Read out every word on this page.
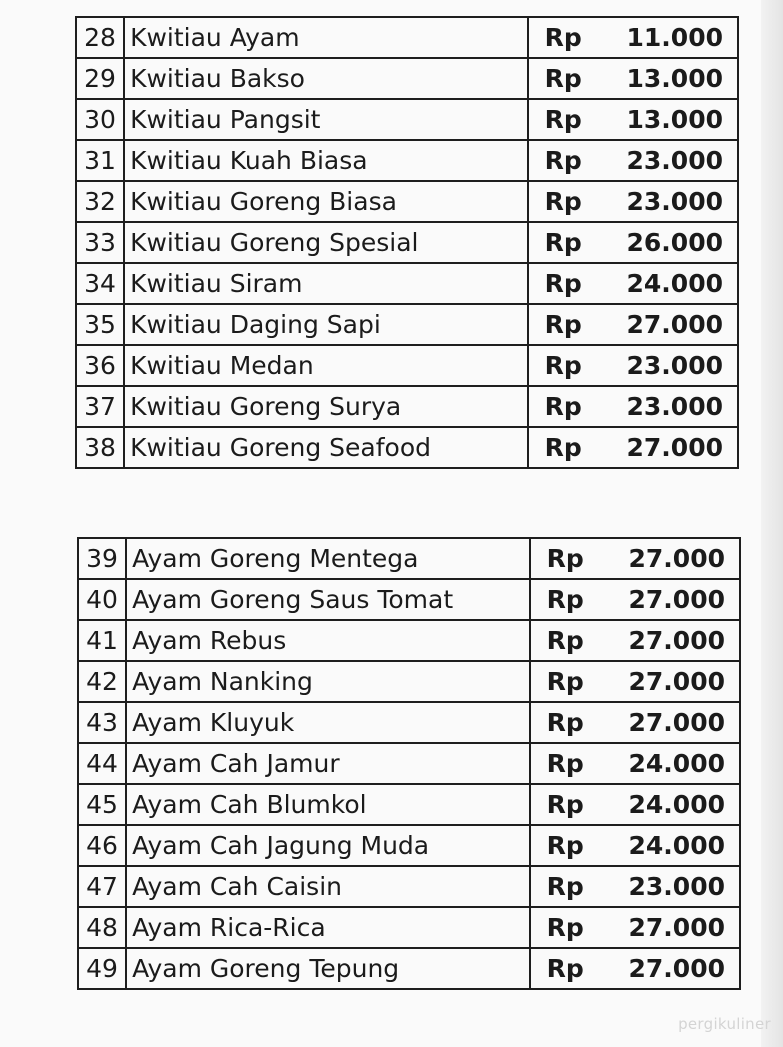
28	Kwitiau Ayam	Rp 11.000

29	Kwitiau Bakso	Rp 13.000

30	Kwitiau Pangsit	Rp 13.000

31	Kwitiau Kuah Biasa	Rp 23.000

32	Kwitiau Goreng Biasa	Rp 23.000

33	Kwitiau Goreng Spesial	Rp 26.000

34	Kwitiau Siram	Rp 24.000

35	Kwitiau Daging Sapi	Rp 27.000

36	Kwitiau Medan	Rp 23.000

37	Kwitiau Goreng Surya	Rp 23.000

38	Kwitiau Goreng Seafood	Rp 27.000
39	Ayam Goreng Mentega	Rp 27.000

40	Ayam Goreng Saus Tomat	Rp 27.000

41	Ayam Rebus	Rp 27.000

42	Ayam Nanking	Rp 27.000

43	Ayam Kluyuk	Rp 27.000

44	Ayam Cah Jamur	Rp 24.000

45	Ayam Cah Blumkol	Rp 24.000

46	Ayam Cah Jagung Muda	Rp 24.000

47	Ayam Cah Caisin	Rp 23.000

48	Ayam Rica-Rica	Rp 27.000

49	Ayam Goreng Tepung	Rp 27.000
pergikuliner
